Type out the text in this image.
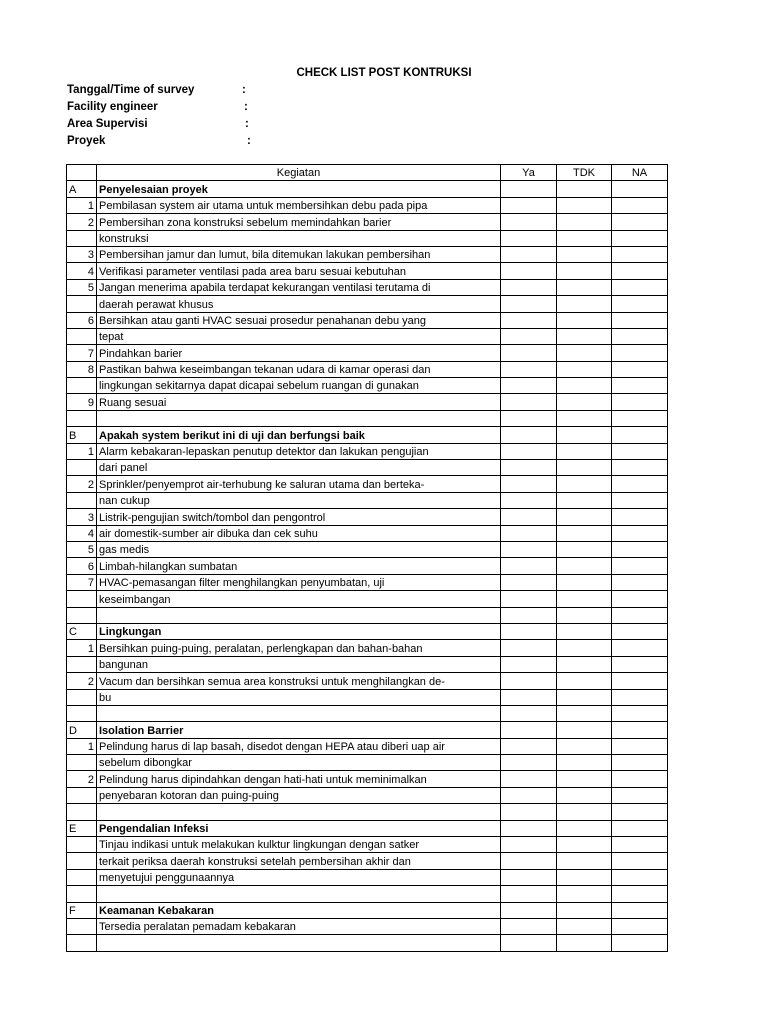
CHECK LIST POST KONTRUKSI
Tanggal/Time of survey	:
Facility engineer	:
Area Supervisi	:
Proyek	:
	Kegiatan	Ya	TDK	NA
A	Penyelesaian proyek			
1	Pembilasan system air utama untuk membersihkan debu pada pipa			
2	Pembersihan zona konstruksi sebelum memindahkan barier			
	konstruksi			
3	Pembersihan jamur dan lumut, bila ditemukan lakukan pembersihan			
4	Verifikasi parameter ventilasi pada area baru sesuai kebutuhan			
5	Jangan menerima apabila terdapat kekurangan ventilasi terutama di			
	daerah perawat khusus			
6	Bersihkan atau ganti HVAC sesuai prosedur penahanan debu yang			
	tepat			
7	Pindahkan barier			
8	Pastikan bahwa keseimbangan tekanan udara di kamar operasi dan			
	lingkungan sekitarnya dapat dicapai sebelum ruangan di gunakan			
9	Ruang sesuai			

B	Apakah system berikut ini di uji dan berfungsi baik			
1	Alarm kebakaran-lepaskan penutup detektor dan lakukan pengujian			
	dari panel			
2	Sprinkler/penyemprot air-terhubung ke saluran utama dan berteka-			
	nan cukup			
3	Listrik-pengujian switch/tombol dan pengontrol			
4	air domestik-sumber air dibuka dan cek suhu			
5	gas medis			
6	Limbah-hilangkan sumbatan			
7	HVAC-pemasangan filter menghilangkan penyumbatan, uji			
	keseimbangan			

C	Lingkungan			
1	Bersihkan puing-puing, peralatan, perlengkapan dan bahan-bahan			
	bangunan			
2	Vacum dan bersihkan semua area konstruksi untuk menghilangkan de-			
	bu			

D	Isolation Barrier			
1	Pelindung harus di lap basah, disedot dengan HEPA atau diberi uap air			
	sebelum dibongkar			
2	Pelindung harus dipindahkan dengan hati-hati untuk meminimalkan			
	penyebaran kotoran dan puing-puing			

E	Pengendalian Infeksi			
	Tinjau indikasi untuk melakukan kulktur lingkungan dengan satker			
	terkait periksa daerah konstruksi setelah pembersihan akhir dan			
	menyetujui penggunaannya			

F	Keamanan Kebakaran			
	Tersedia peralatan pemadam kebakaran			
